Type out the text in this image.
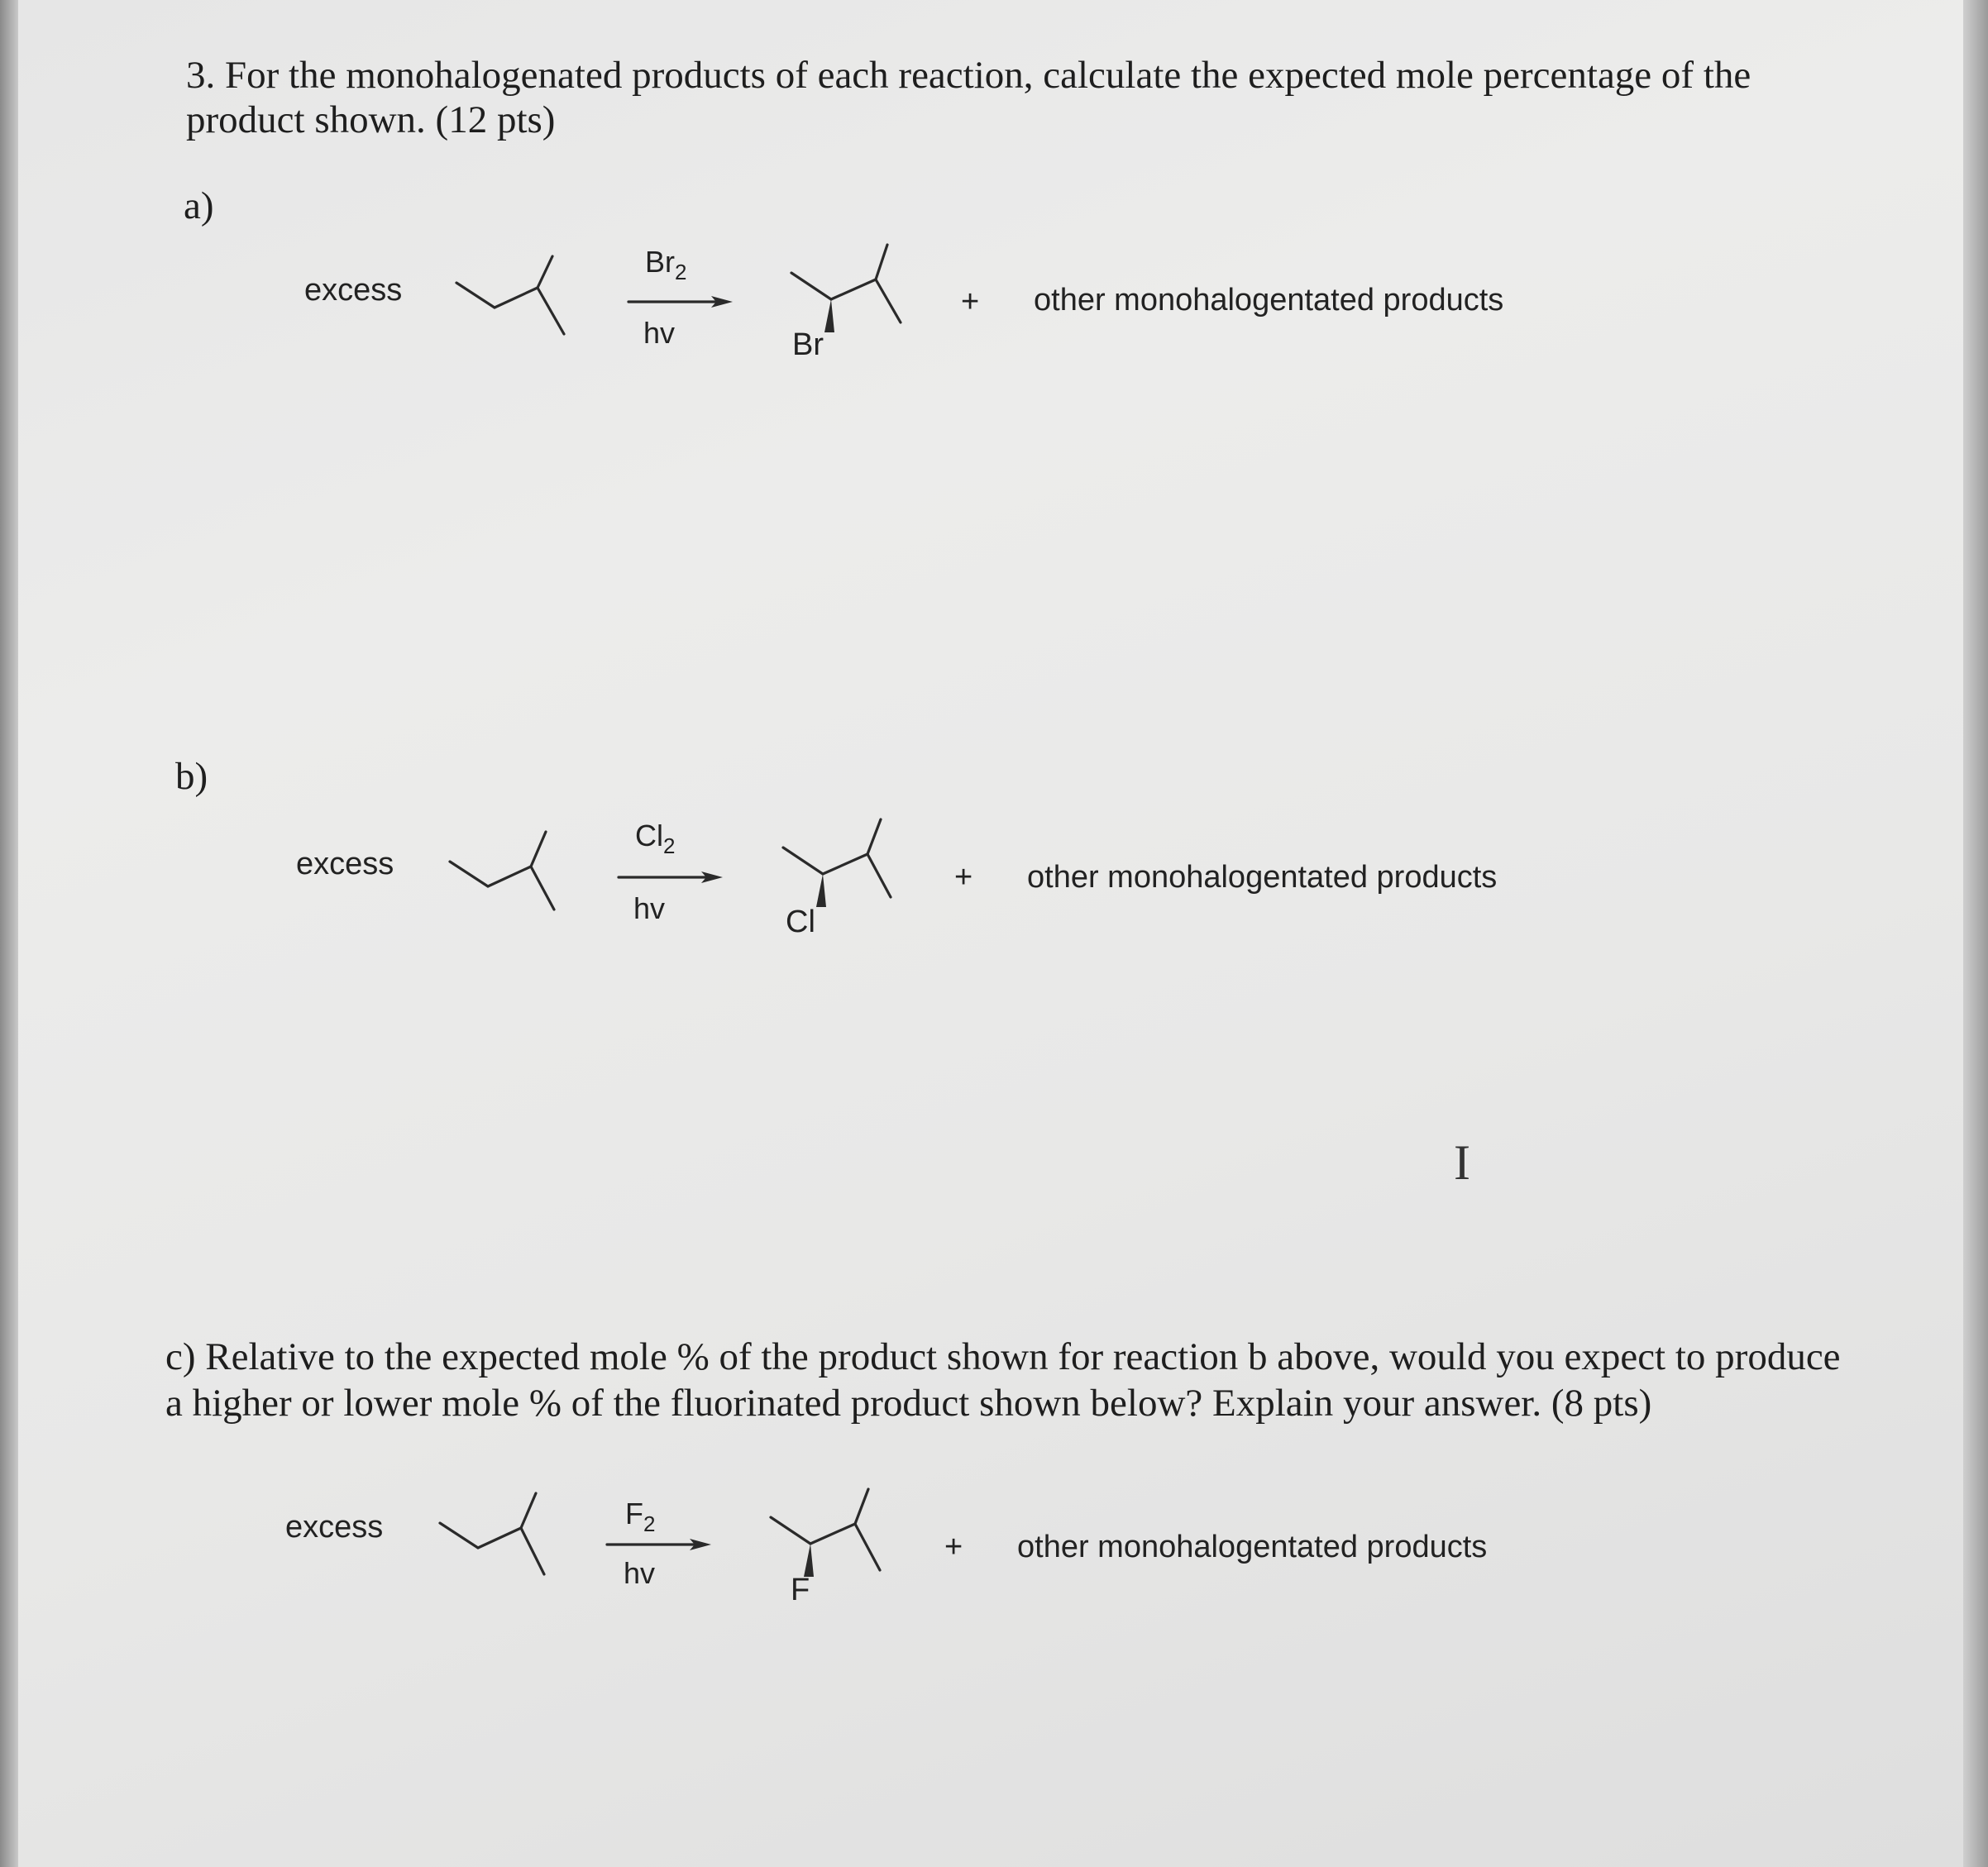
3. For the monohalogenated products of each reaction, calculate the expected mole percentage of the
product shown. (12 pts)
a)
excess
$Br_2$
hv	Br
+ other monohalogentated products
b)
excess
$Cl_2$
hv	Cl
+ other monohalogentated products
I
c) Relative to the expected mole % of the product shown for reaction b above, would you expect to produce
a higher or lower mole % of the fluorinated product shown below? Explain your answer. (8 pts)
excess	$F_2$
hv	F
+ other monohalogentated products
